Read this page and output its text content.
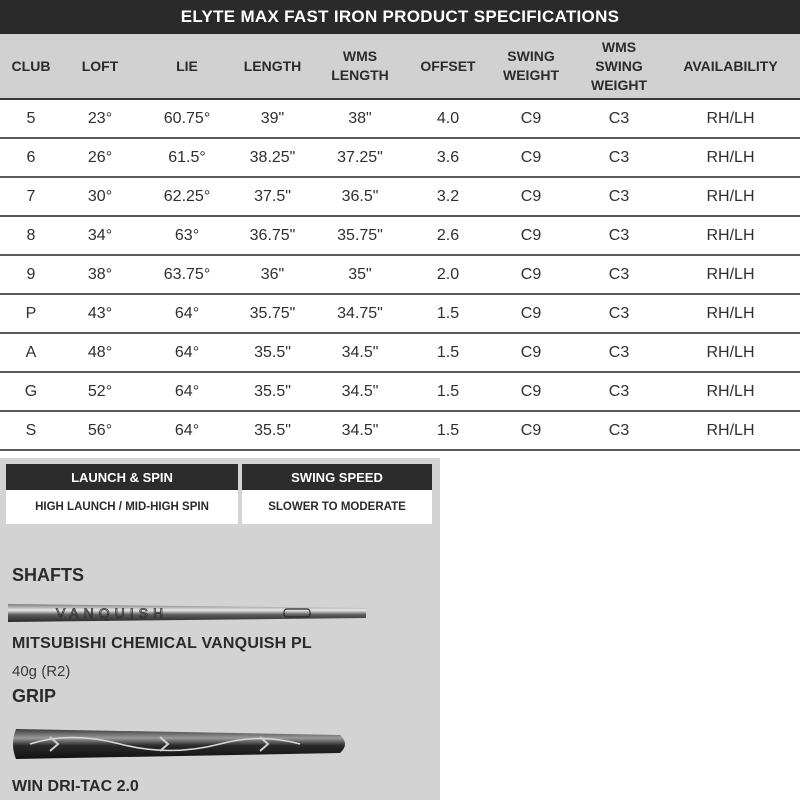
ELYTE MAX FAST IRON PRODUCT SPECIFICATIONS
CLUB	LOFT	LIE	LENGTH	WMS LENGTH	OFFSET	SWING WEIGHT	WMS SWING WEIGHT	AVAILABILITY
5	23°	60.75°	39"	38"	4.0	C9	C3	RH/LH
6	26°	61.5°	38.25"	37.25"	3.6	C9	C3	RH/LH
7	30°	62.25°	37.5"	36.5"	3.2	C9	C3	RH/LH
8	34°	63°	36.75"	35.75"	2.6	C9	C3	RH/LH
9	38°	63.75°	36"	35"	2.0	C9	C3	RH/LH
P	43°	64°	35.75"	34.75"	1.5	C9	C3	RH/LH
A	48°	64°	35.5"	34.5"	1.5	C9	C3	RH/LH
G	52°	64°	35.5"	34.5"	1.5	C9	C3	RH/LH
S	56°	64°	35.5"	34.5"	1.5	C9	C3	RH/LH
LAUNCH & SPIN
HIGH LAUNCH / MID-HIGH SPIN
SWING SPEED
SLOWER TO MODERATE
SHAFTS
VANQUISH
MITSUBISHI CHEMICAL VANQUISH PL
40g (R2)
GRIP
WIN DRI-TAC 2.0
